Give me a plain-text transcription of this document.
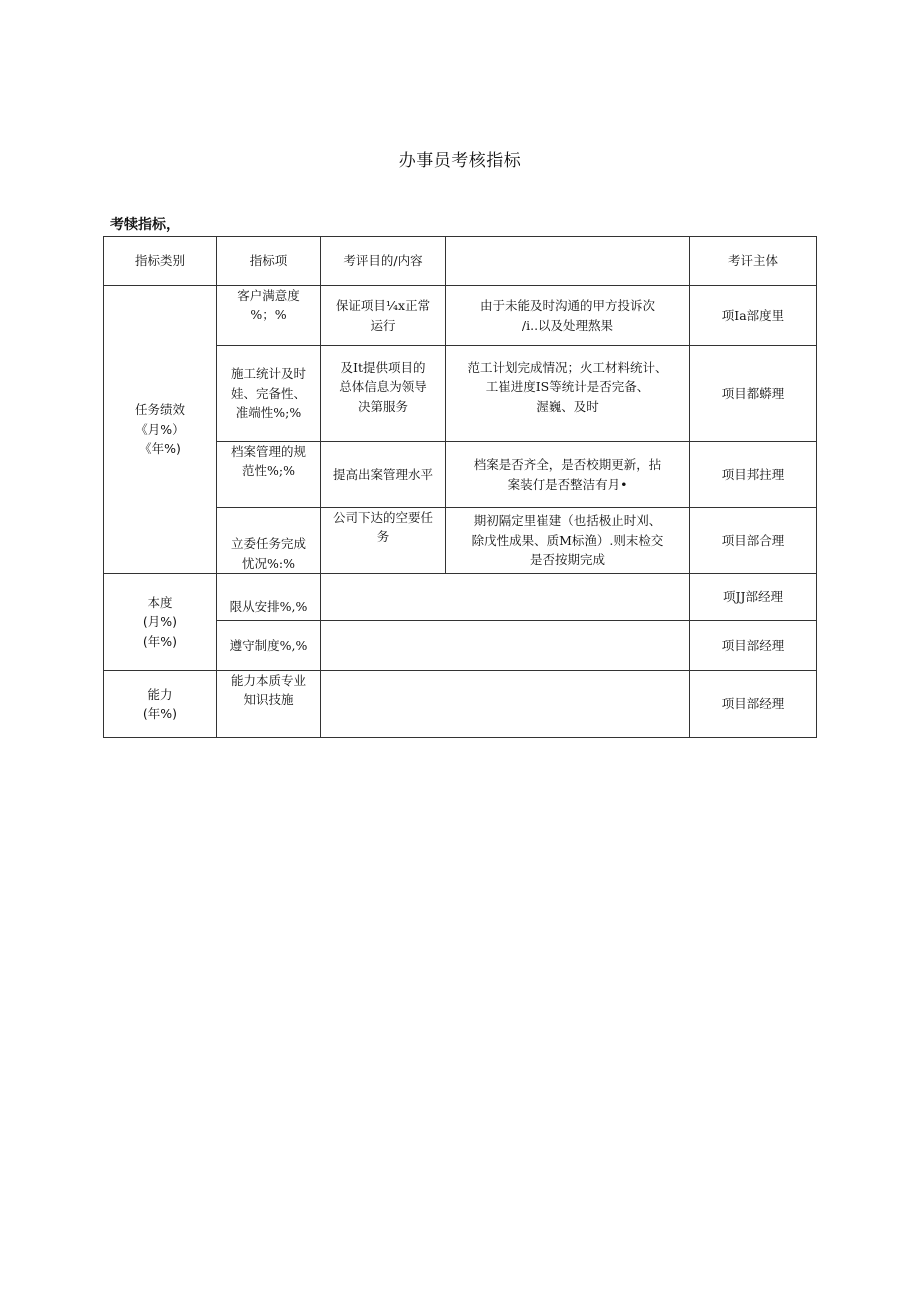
办事员考核指标
考犊指标，
指标类别	指标项	考评目的/内容		考讦主体

任务绩效
《月%）
《年%)	客户满意度
%；%	保证项目¼x正常
运行	由于未能及时沟通的甲方投诉次
/i..以及处理熬果	项Ia部度里

	施工统计及时
娃、完备性、
准端性%;%	及It提供项目的
总体信息为领导
决第服务	范工计划完成情况；火工材料统计、
工崔进度IS等统计是否完备、
渥巍、及时	项目都蟒理

	档案管理的规
范性%;%	提高出案管理水平	档案是否齐全，是否校期更新，拈
案装仃是否整洁有月•	项目邦拄理

	立委任务完成
忧况%:%	公司下达的空要任
务	期初隔定里崔建（也括极止时刈、
除戊性成果、质M标渔）.则末检交
是否按期完成	项目部合理

本度
(月%)
(年%)	限从安排%,%			项JJ部经理

	遵守制度%,%			项目部经理

能力
(年%)	能力本质专业
知识技施			项目部经理
